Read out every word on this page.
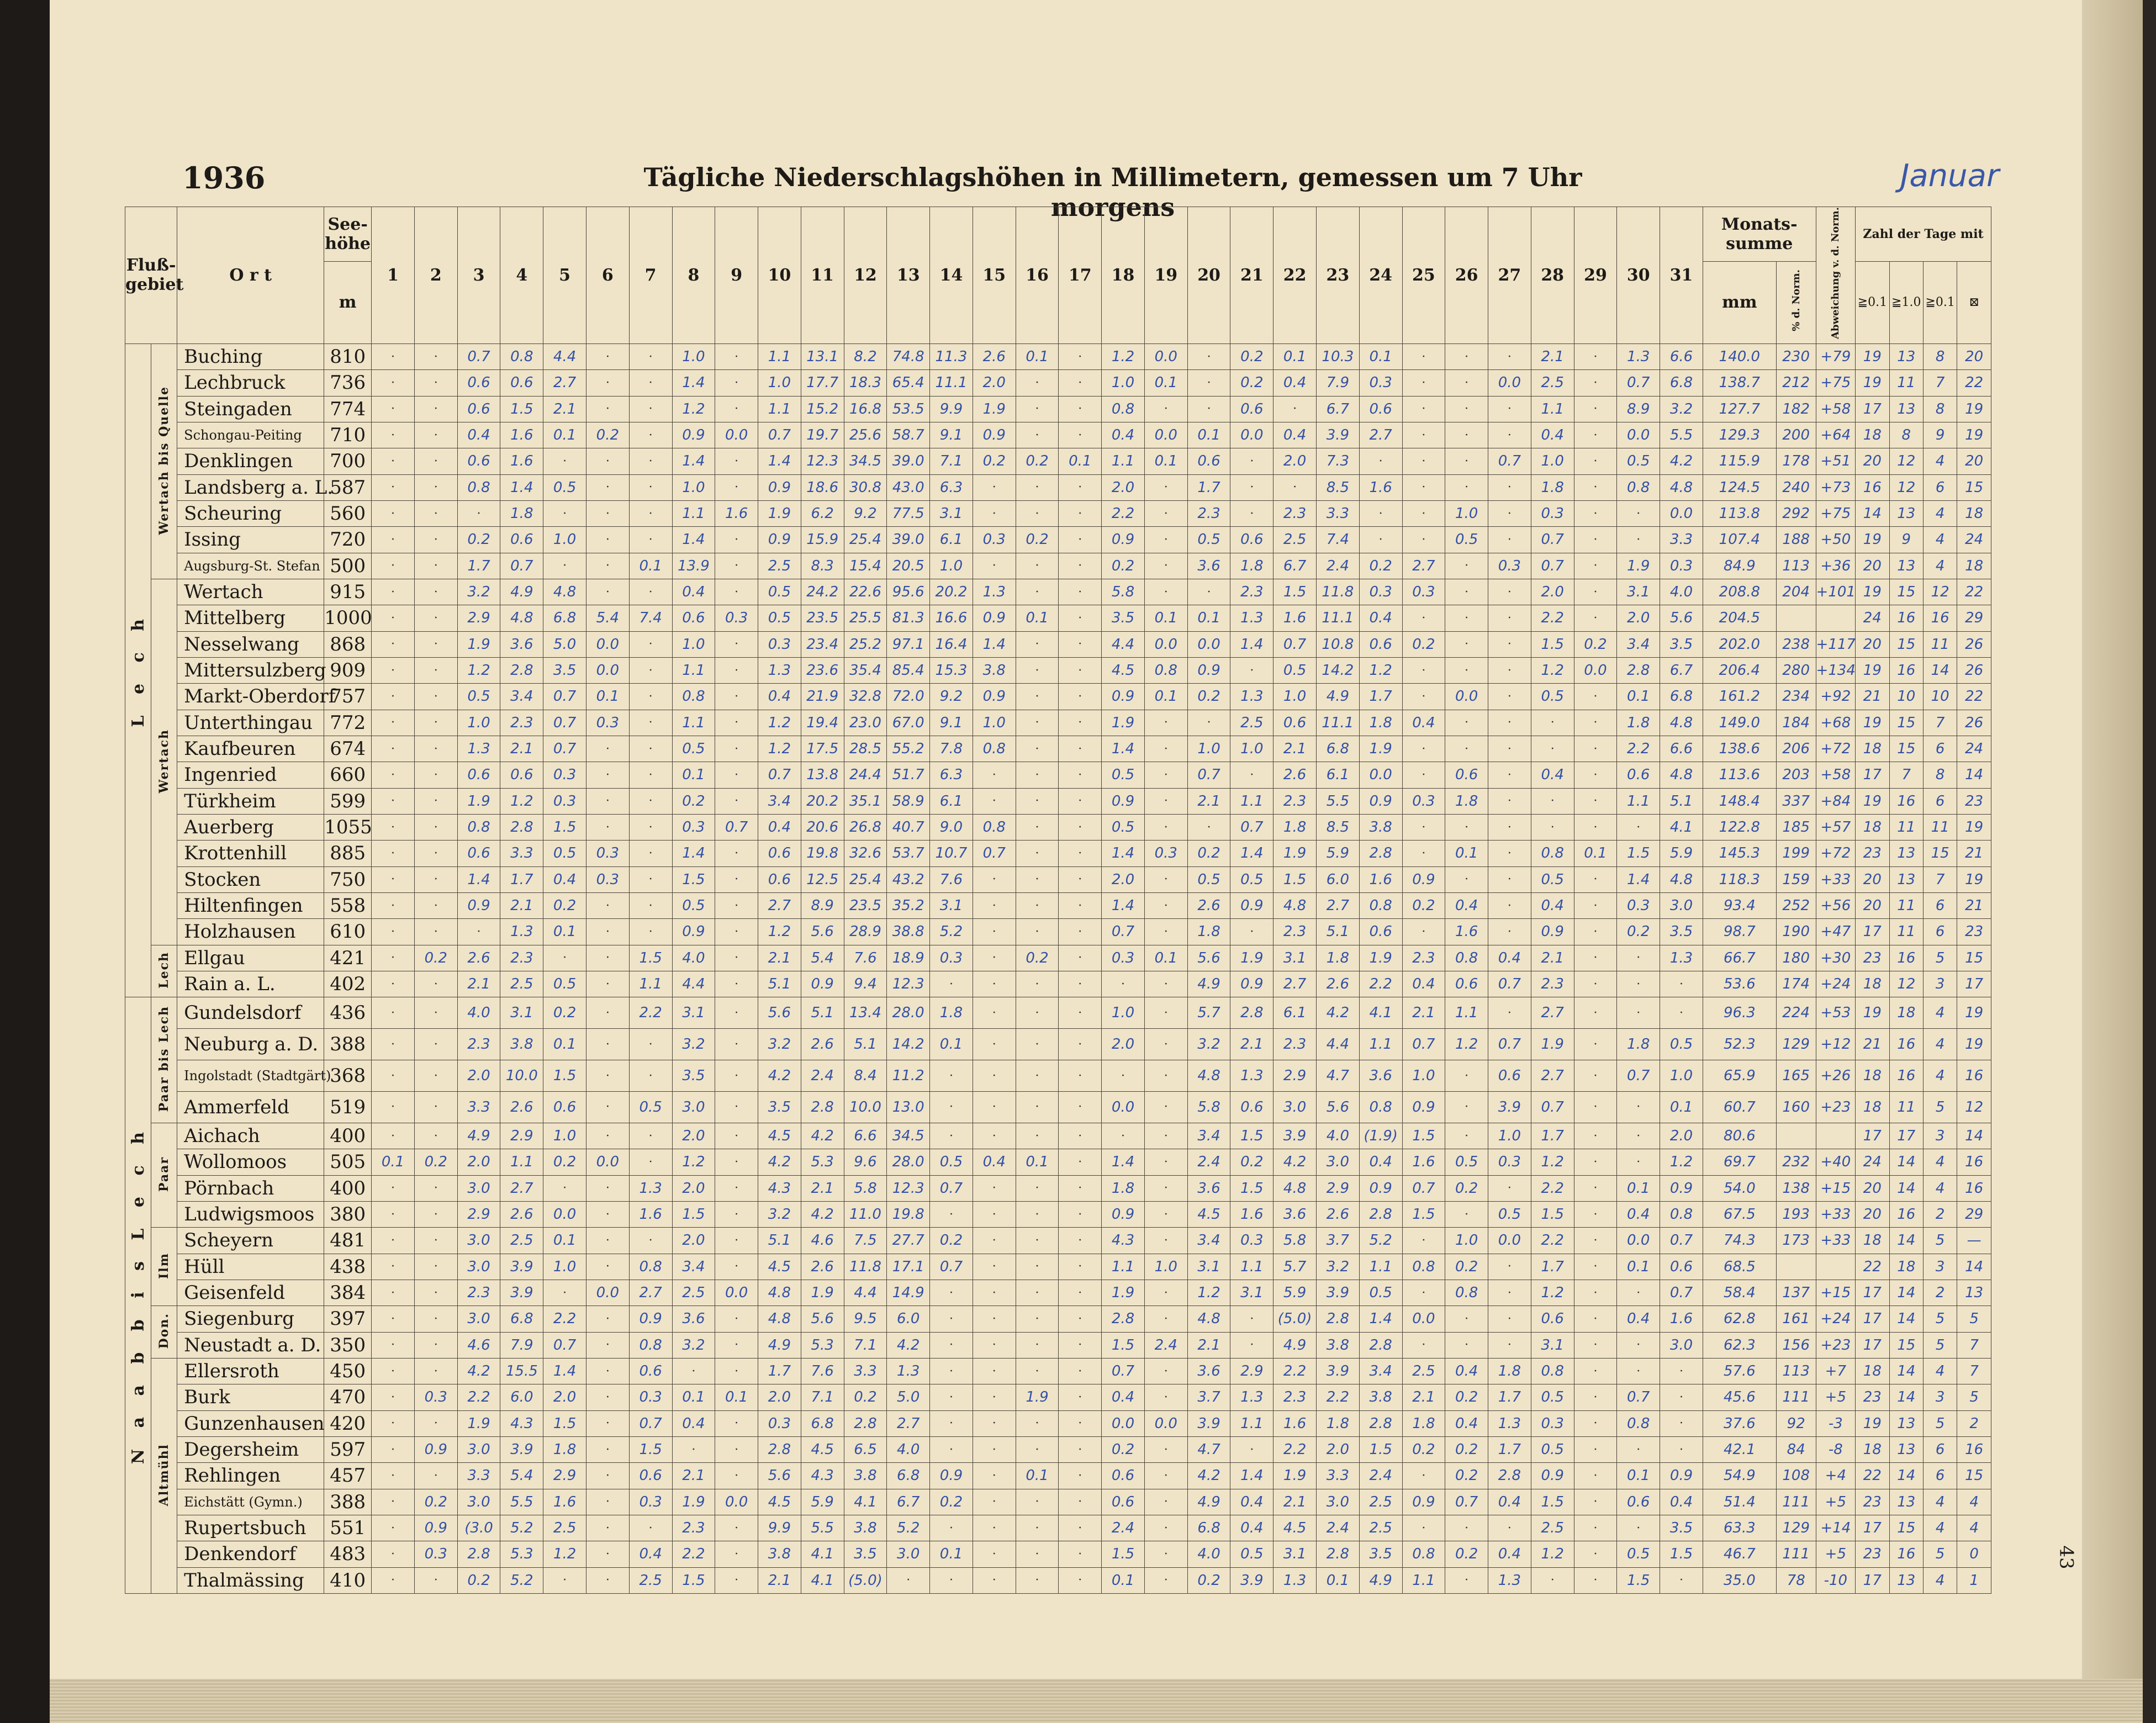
1936	Tägliche Niederschlagshöhen in Millimetern, gemessen um 7 Uhr morgens
Januar
Fluß-gebiet		O r t	See-höhe	1	2	3	4	5	6	7	8	9	10	11	12	13	14	15	16	17	18	19	20	21	22	23	24	25	26	27	28	29	30	31	Monats-summe		Abweichung v. d. Norm.	Zahl der Tage mit			
			m																																mm	% d. Norm.		≧0.1	≧1.0	≧0.1	⊠
L e c h	Wertach bis Quelle	Buching	810	·	·	0.7	0.8	4.4	·	·	1.0	·	1.1	13.1	8.2	74.8	11.3	2.6	0.1	·	1.2	0.0	·	0.2	0.1	10.3	0.1	·	·	·	2.1	·	1.3	6.6	140.0	230	+79	19	13	8	20
		Lechbruck	736	·	·	0.6	0.6	2.7	·	·	1.4	·	1.0	17.7	18.3	65.4	11.1	2.0	·	·	1.0	0.1	·	0.2	0.4	7.9	0.3	·	·	0.0	2.5	·	0.7	6.8	138.7	212	+75	19	11	7	22
		Steingaden	774	·	·	0.6	1.5	2.1	·	·	1.2	·	1.1	15.2	16.8	53.5	9.9	1.9	·	·	0.8	·	·	0.6	·	6.7	0.6	·	·	·	1.1	·	8.9	3.2	127.7	182	+58	17	13	8	19
		Schongau-Peiting	710	·	·	0.4	1.6	0.1	0.2	·	0.9	0.0	0.7	19.7	25.6	58.7	9.1	0.9	·	·	0.4	0.0	0.1	0.0	0.4	3.9	2.7	·	·	·	0.4	·	0.0	5.5	129.3	200	+64	18	8	9	19
		Denklingen	700	·	·	0.6	1.6	·	·	·	1.4	·	1.4	12.3	34.5	39.0	7.1	0.2	0.2	0.1	1.1	0.1	0.6	·	2.0	7.3	·	·	·	0.7	1.0	·	0.5	4.2	115.9	178	+51	20	12	4	20
		Landsberg a. L.	587	·	·	0.8	1.4	0.5	·	·	1.0	·	0.9	18.6	30.8	43.0	6.3	·	·	·	2.0	·	1.7	·	·	8.5	1.6	·	·	·	1.8	·	0.8	4.8	124.5	240	+73	16	12	6	15
		Scheuring	560	·	·	·	1.8	·	·	·	1.1	1.6	1.9	6.2	9.2	77.5	3.1	·	·	·	2.2	·	2.3	·	2.3	3.3	·	·	1.0	·	0.3	·	·	0.0	113.8	292	+75	14	13	4	18
		Issing	720	·	·	0.2	0.6	1.0	·	·	1.4	·	0.9	15.9	25.4	39.0	6.1	0.3	0.2	·	0.9	·	0.5	0.6	2.5	7.4	·	·	0.5	·	0.7	·	·	3.3	107.4	188	+50	19	9	4	24
		Augsburg-St. Stefan	500	·	·	1.7	0.7	·	·	0.1	13.9	·	2.5	8.3	15.4	20.5	1.0	·	·	·	0.2	·	3.6	1.8	6.7	2.4	0.2	2.7	·	0.3	0.7	·	1.9	0.3	84.9	113	+36	20	13	4	18
	Wertach	Wertach	915	·	·	3.2	4.9	4.8	·	·	0.4	·	0.5	24.2	22.6	95.6	20.2	1.3	·	·	5.8	·	·	2.3	1.5	11.8	0.3	0.3	·	·	2.0	·	3.1	4.0	208.8	204	+101	19	15	12	22
		Mittelberg	1000	·	·	2.9	4.8	6.8	5.4	7.4	0.6	0.3	0.5	23.5	25.5	81.3	16.6	0.9	0.1	·	3.5	0.1	0.1	1.3	1.6	11.1	0.4	·	·	·	2.2	·	2.0	5.6	204.5			24	16	16	29
		Nesselwang	868	·	·	1.9	3.6	5.0	0.0	·	1.0	·	0.3	23.4	25.2	97.1	16.4	1.4	·	·	4.4	0.0	0.0	1.4	0.7	10.8	0.6	0.2	·	·	1.5	0.2	3.4	3.5	202.0	238	+117	20	15	11	26
		Mittersulzberg	909	·	·	1.2	2.8	3.5	0.0	·	1.1	·	1.3	23.6	35.4	85.4	15.3	3.8	·	·	4.5	0.8	0.9	·	0.5	14.2	1.2	·	·	·	1.2	0.0	2.8	6.7	206.4	280	+134	19	16	14	26
		Markt-Oberdorf	757	·	·	0.5	3.4	0.7	0.1	·	0.8	·	0.4	21.9	32.8	72.0	9.2	0.9	·	·	0.9	0.1	0.2	1.3	1.0	4.9	1.7	·	0.0	·	0.5	·	0.1	6.8	161.2	234	+92	21	10	10	22
		Unterthingau	772	·	·	1.0	2.3	0.7	0.3	·	1.1	·	1.2	19.4	23.0	67.0	9.1	1.0	·	·	1.9	·	·	2.5	0.6	11.1	1.8	0.4	·	·	·	·	1.8	4.8	149.0	184	+68	19	15	7	26
		Kaufbeuren	674	·	·	1.3	2.1	0.7	·	·	0.5	·	1.2	17.5	28.5	55.2	7.8	0.8	·	·	1.4	·	1.0	1.0	2.1	6.8	1.9	·	·	·	·	·	2.2	6.6	138.6	206	+72	18	15	6	24
		Ingenried	660	·	·	0.6	0.6	0.3	·	·	0.1	·	0.7	13.8	24.4	51.7	6.3	·	·	·	0.5	·	0.7	·	2.6	6.1	0.0	·	0.6	·	0.4	·	0.6	4.8	113.6	203	+58	17	7	8	14
		Türkheim	599	·	·	1.9	1.2	0.3	·	·	0.2	·	3.4	20.2	35.1	58.9	6.1	·	·	·	0.9	·	2.1	1.1	2.3	5.5	0.9	0.3	1.8	·	·	·	1.1	5.1	148.4	337	+84	19	16	6	23
		Auerberg	1055	·	·	0.8	2.8	1.5	·	·	0.3	0.7	0.4	20.6	26.8	40.7	9.0	0.8	·	·	0.5	·	·	0.7	1.8	8.5	3.8	·	·	·	·	·	·	4.1	122.8	185	+57	18	11	11	19
		Krottenhill	885	·	·	0.6	3.3	0.5	0.3	·	1.4	·	0.6	19.8	32.6	53.7	10.7	0.7	·	·	1.4	0.3	0.2	1.4	1.9	5.9	2.8	·	0.1	·	0.8	0.1	1.5	5.9	145.3	199	+72	23	13	15	21
		Stocken	750	·	·	1.4	1.7	0.4	0.3	·	1.5	·	0.6	12.5	25.4	43.2	7.6	·	·	·	2.0	·	0.5	0.5	1.5	6.0	1.6	0.9	·	·	0.5	·	1.4	4.8	118.3	159	+33	20	13	7	19
		Hiltenfingen	558	·	·	0.9	2.1	0.2	·	·	0.5	·	2.7	8.9	23.5	35.2	3.1	·	·	·	1.4	·	2.6	0.9	4.8	2.7	0.8	0.2	0.4	·	0.4	·	0.3	3.0	93.4	252	+56	20	11	6	21
		Holzhausen	610	·	·	·	1.3	0.1	·	·	0.9	·	1.2	5.6	28.9	38.8	5.2	·	·	·	0.7	·	1.8	·	2.3	5.1	0.6	·	1.6	·	0.9	·	0.2	3.5	98.7	190	+47	17	11	6	23
	Lech	Ellgau	421	·	0.2	2.6	2.3	·	·	1.5	4.0	·	2.1	5.4	7.6	18.9	0.3	·	0.2	·	0.3	0.1	5.6	1.9	3.1	1.8	1.9	2.3	0.8	0.4	2.1	·	·	1.3	66.7	180	+30	23	16	5	15
		Rain a. L.	402	·	·	2.1	2.5	0.5	·	1.1	4.4	·	5.1	0.9	9.4	12.3	·	·	·	·	·	·	4.9	0.9	2.7	2.6	2.2	0.4	0.6	0.7	2.3	·	·	·	53.6	174	+24	18	12	3	17
N a a b b i s L e c h	Paar bis Lech	Gundelsdorf	436	·	·	4.0	3.1	0.2	·	2.2	3.1	·	5.6	5.1	13.4	28.0	1.8	·	·	·	1.0	·	5.7	2.8	6.1	4.2	4.1	2.1	1.1	·	2.7	·	·	·	96.3	224	+53	19	18	4	19
		Neuburg a. D.	388	·	·	2.3	3.8	0.1	·	·	3.2	·	3.2	2.6	5.1	14.2	0.1	·	·	·	2.0	·	3.2	2.1	2.3	4.4	1.1	0.7	1.2	0.7	1.9	·	1.8	0.5	52.3	129	+12	21	16	4	19
		Ingolstadt (Stadtgärt)	368	·	·	2.0	10.0	1.5	·	·	3.5	·	4.2	2.4	8.4	11.2	·	·	·	·	·	·	4.8	1.3	2.9	4.7	3.6	1.0	·	0.6	2.7	·	0.7	1.0	65.9	165	+26	18	16	4	16
		Ammerfeld	519	·	·	3.3	2.6	0.6	·	0.5	3.0	·	3.5	2.8	10.0	13.0	·	·	·	·	0.0	·	5.8	0.6	3.0	5.6	0.8	0.9	·	3.9	0.7	·	·	0.1	60.7	160	+23	18	11	5	12
	Paar	Aichach	400	·	·	4.9	2.9	1.0	·	·	2.0	·	4.5	4.2	6.6	34.5	·	·	·	·	·	·	3.4	1.5	3.9	4.0	(1.9)	1.5	·	1.0	1.7	·	·	2.0	80.6			17	17	3	14
		Wollomoos	505	0.1	0.2	2.0	1.1	0.2	0.0	·	1.2	·	4.2	5.3	9.6	28.0	0.5	0.4	0.1	·	1.4	·	2.4	0.2	4.2	3.0	0.4	1.6	0.5	0.3	1.2	·	·	1.2	69.7	232	+40	24	14	4	16
		Pörnbach	400	·	·	3.0	2.7	·	·	1.3	2.0	·	4.3	2.1	5.8	12.3	0.7	·	·	·	1.8	·	3.6	1.5	4.8	2.9	0.9	0.7	0.2	·	2.2	·	0.1	0.9	54.0	138	+15	20	14	4	16
		Ludwigsmoos	380	·	·	2.9	2.6	0.0	·	1.6	1.5	·	3.2	4.2	11.0	19.8	·	·	·	·	0.9	·	4.5	1.6	3.6	2.6	2.8	1.5	·	0.5	1.5	·	0.4	0.8	67.5	193	+33	20	16	2	29
	Ilm	Scheyern	481	·	·	3.0	2.5	0.1	·	·	2.0	·	5.1	4.6	7.5	27.7	0.2	·	·	·	4.3	·	3.4	0.3	5.8	3.7	5.2	·	1.0	0.0	2.2	·	0.0	0.7	74.3	173	+33	18	14	5	—
		Hüll	438	·	·	3.0	3.9	1.0	·	0.8	3.4	·	4.5	2.6	11.8	17.1	0.7	·	·	·	1.1	1.0	3.1	1.1	5.7	3.2	1.1	0.8	0.2	·	1.7	·	0.1	0.6	68.5			22	18	3	14
		Geisenfeld	384	·	·	2.3	3.9	·	0.0	2.7	2.5	0.0	4.8	1.9	4.4	14.9	·	·	·	·	1.9	·	1.2	3.1	5.9	3.9	0.5	·	0.8	·	1.2	·	·	0.7	58.4	137	+15	17	14	2	13
	Don.	Siegenburg	397	·	·	3.0	6.8	2.2	·	0.9	3.6	·	4.8	5.6	9.5	6.0	·	·	·	·	2.8	·	4.8	·	(5.0)	2.8	1.4	0.0	·	·	0.6	·	0.4	1.6	62.8	161	+24	17	14	5	5
		Neustadt a. D.	350	·	·	4.6	7.9	0.7	·	0.8	3.2	·	4.9	5.3	7.1	4.2	·	·	·	·	1.5	2.4	2.1	·	4.9	3.8	2.8	·	·	·	3.1	·	·	3.0	62.3	156	+23	17	15	5	7
	Altmühl	Ellersroth	450	·	·	4.2	15.5	1.4	·	0.6	·	·	1.7	7.6	3.3	1.3	·	·	·	·	0.7	·	3.6	2.9	2.2	3.9	3.4	2.5	0.4	1.8	0.8	·	·	·	57.6	113	+7	18	14	4	7
		Burk	470	·	0.3	2.2	6.0	2.0	·	0.3	0.1	0.1	2.0	7.1	0.2	5.0	·	·	1.9	·	0.4	·	3.7	1.3	2.3	2.2	3.8	2.1	0.2	1.7	0.5	·	0.7	·	45.6	111	+5	23	14	3	5
		Gunzenhausen	420	·	·	1.9	4.3	1.5	·	0.7	0.4	·	0.3	6.8	2.8	2.7	·	·	·	·	0.0	0.0	3.9	1.1	1.6	1.8	2.8	1.8	0.4	1.3	0.3	·	0.8	·	37.6	92	-3	19	13	5	2
		Degersheim	597	·	0.9	3.0	3.9	1.8	·	1.5	·	·	2.8	4.5	6.5	4.0	·	·	·	·	0.2	·	4.7	·	2.2	2.0	1.5	0.2	0.2	1.7	0.5	·	·	·	42.1	84	-8	18	13	6	16
		Rehlingen	457	·	·	3.3	5.4	2.9	·	0.6	2.1	·	5.6	4.3	3.8	6.8	0.9	·	0.1	·	0.6	·	4.2	1.4	1.9	3.3	2.4	·	0.2	2.8	0.9	·	0.1	0.9	54.9	108	+4	22	14	6	15
		Eichstätt (Gymn.)	388	·	0.2	3.0	5.5	1.6	·	0.3	1.9	0.0	4.5	5.9	4.1	6.7	0.2	·	·	·	0.6	·	4.9	0.4	2.1	3.0	2.5	0.9	0.7	0.4	1.5	·	0.6	0.4	51.4	111	+5	23	13	4	4
		Rupertsbuch	551	·	0.9	(3.0	5.2	2.5	·	·	2.3	·	9.9	5.5	3.8	5.2	·	·	·	·	2.4	·	6.8	0.4	4.5	2.4	2.5	·	·	·	2.5	·	·	3.5	63.3	129	+14	17	15	4	4
		Denkendorf	483	·	0.3	2.8	5.3	1.2	·	0.4	2.2	·	3.8	4.1	3.5	3.0	0.1	·	·	·	1.5	·	4.0	0.5	3.1	2.8	3.5	0.8	0.2	0.4	1.2	·	0.5	1.5	46.7	111	+5	23	16	5	0
		Thalmässing	410	·	·	0.2	5.2	·	·	2.5	1.5	·	2.1	4.1	(5.0)	·	·	·	·	·	0.1	·	0.2	3.9	1.3	0.1	4.9	1.1	·	1.3	·	·	1.5	·	35.0	78	-10	17	13	4	1
43
